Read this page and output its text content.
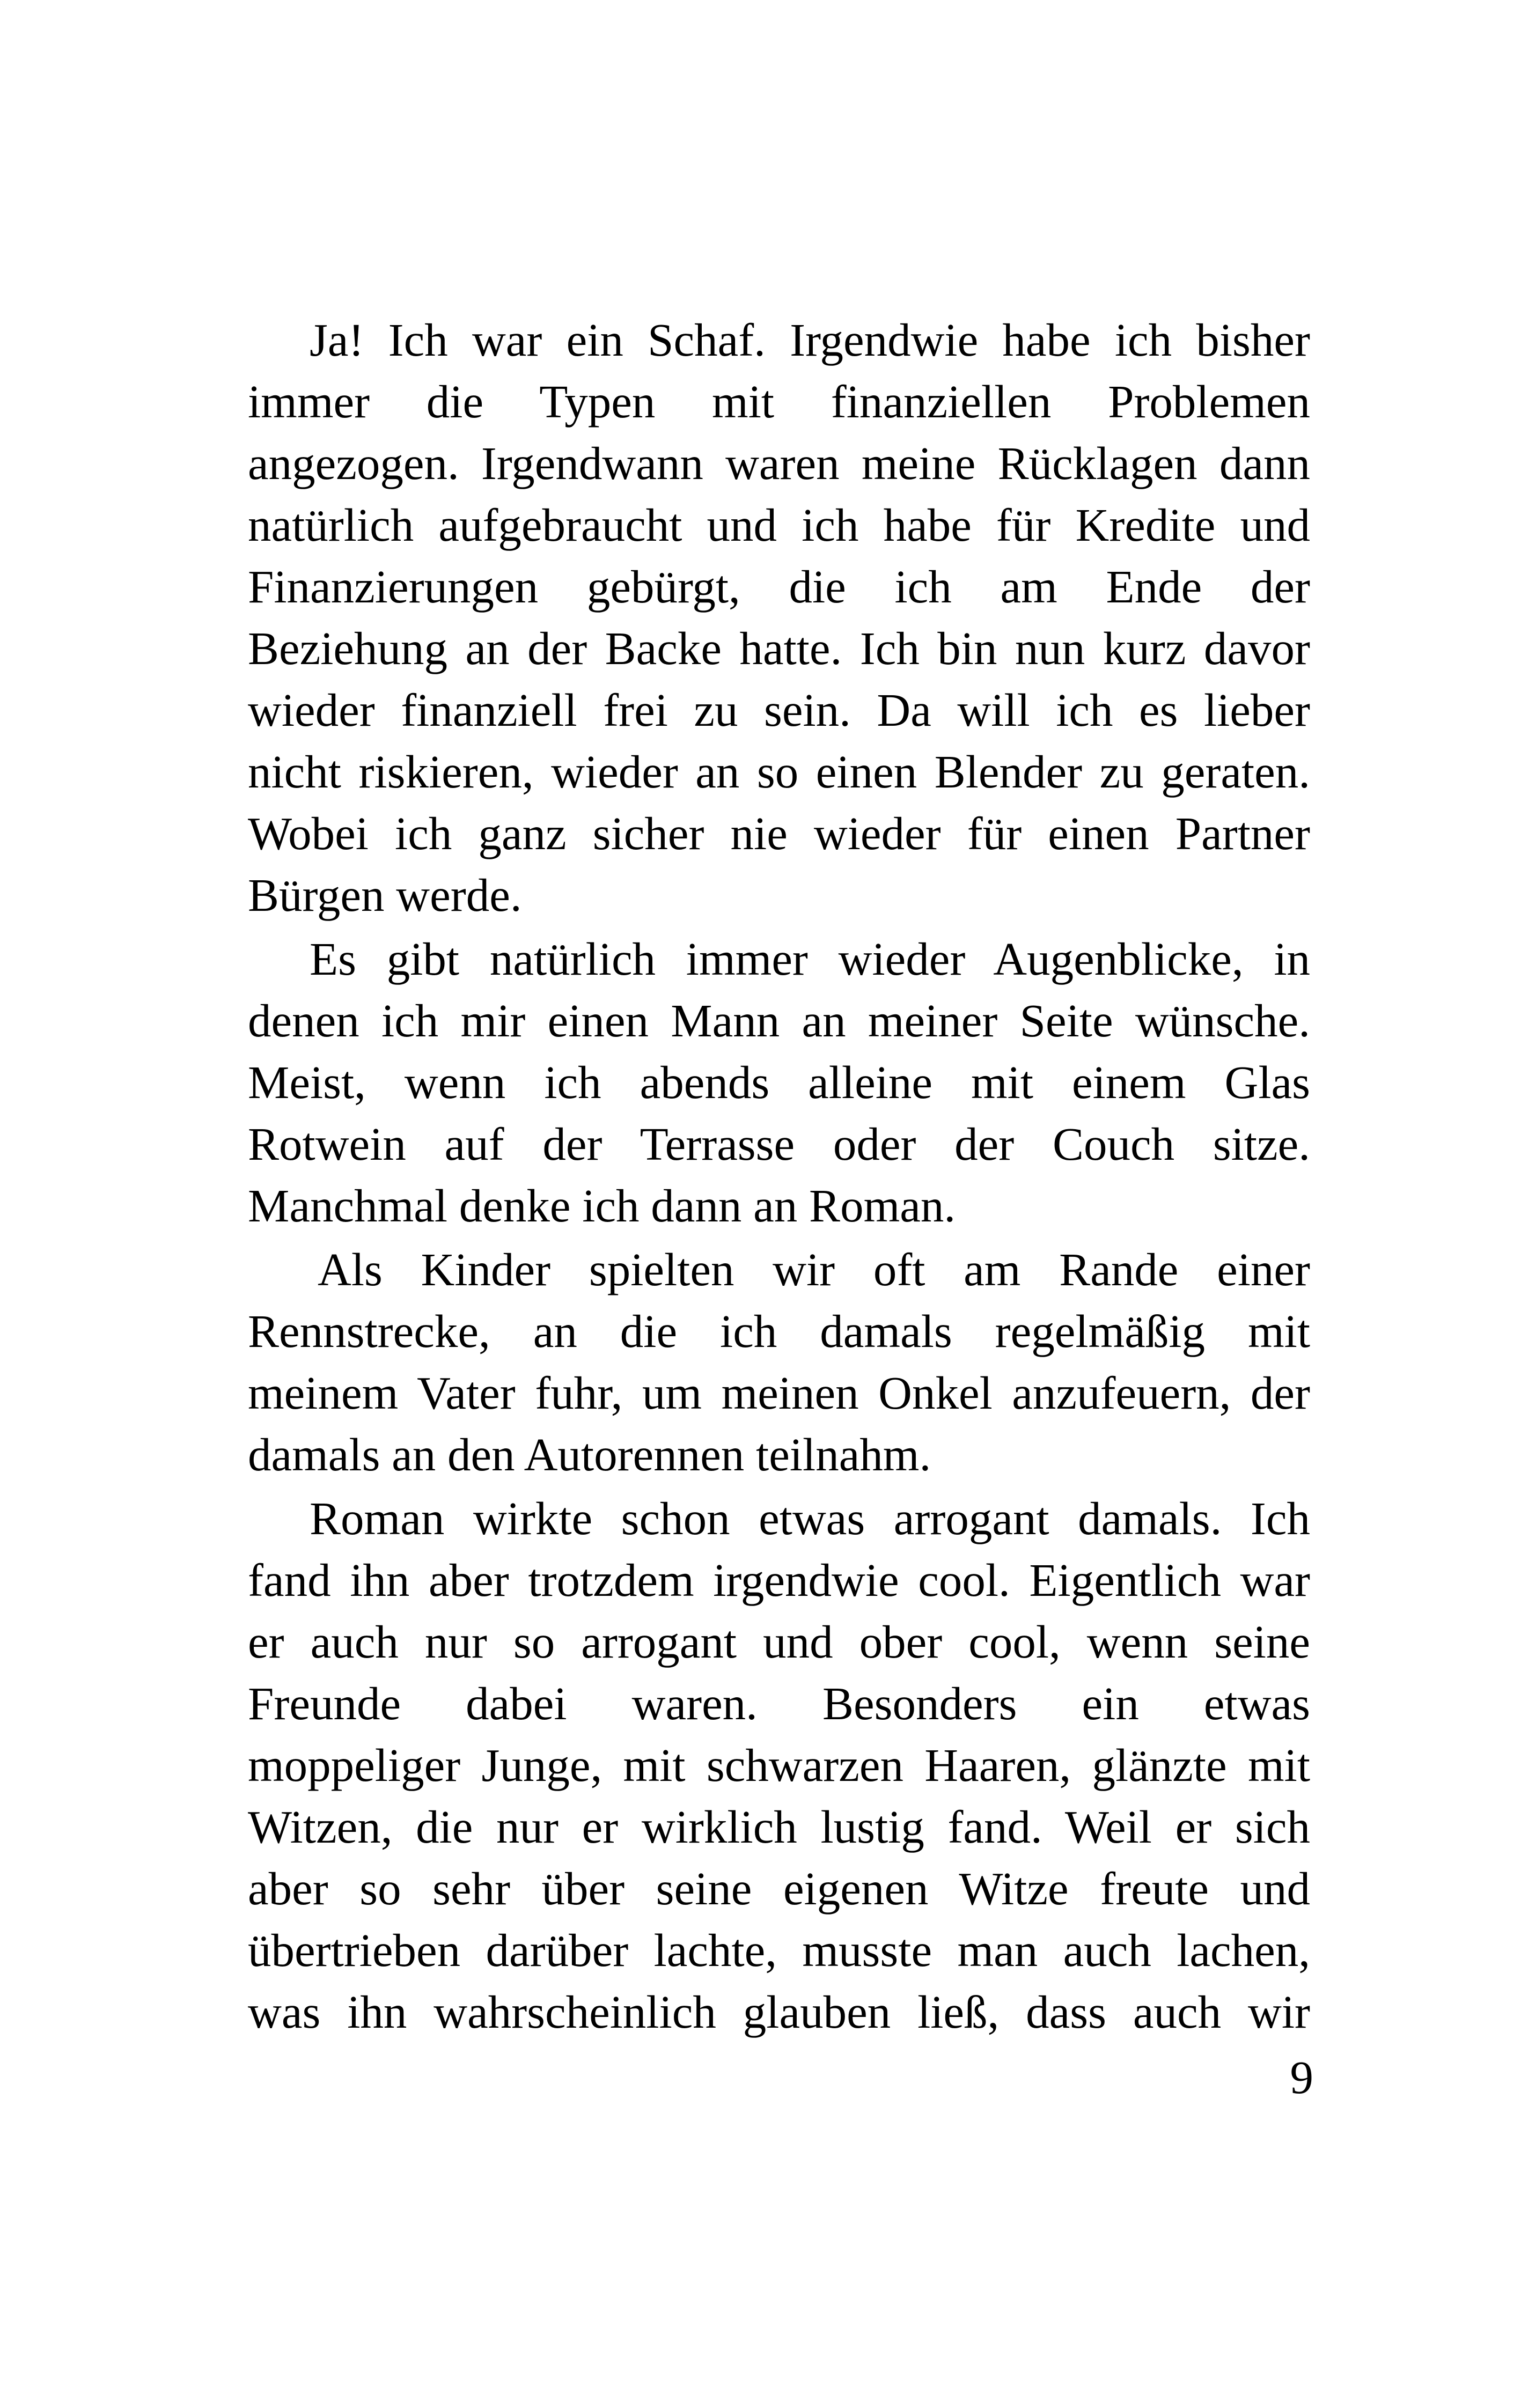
Ja! Ich war ein Schaf. Irgendwie habe ich bisher
immer die Typen mit finanziellen Problemen
angezogen. Irgendwann waren meine Rücklagen dann
natürlich aufgebraucht und ich habe für Kredite und
Finanzierungen gebürgt, die ich am Ende der
Beziehung an der Backe hatte. Ich bin nun kurz davor
wieder finanziell frei zu sein. Da will ich es lieber
nicht riskieren, wieder an so einen Blender zu geraten.
Wobei ich ganz sicher nie wieder für einen Partner
Bürgen werde.
Es gibt natürlich immer wieder Augenblicke, in
denen ich mir einen Mann an meiner Seite wünsche.
Meist, wenn ich abends alleine mit einem Glas
Rotwein auf der Terrasse oder der Couch sitze.
Manchmal denke ich dann an Roman.
Als Kinder spielten wir oft am Rande einer
Rennstrecke, an die ich damals regelmäßig mit
meinem Vater fuhr, um meinen Onkel anzufeuern, der
damals an den Autorennen teilnahm.
Roman wirkte schon etwas arrogant damals. Ich
fand ihn aber trotzdem irgendwie cool. Eigentlich war
er auch nur so arrogant und ober cool, wenn seine
Freunde dabei waren. Besonders ein etwas
moppeliger Junge, mit schwarzen Haaren, glänzte mit
Witzen, die nur er wirklich lustig fand. Weil er sich
aber so sehr über seine eigenen Witze freute und
übertrieben darüber lachte, musste man auch lachen,
was ihn wahrscheinlich glauben ließ, dass auch wir
9
